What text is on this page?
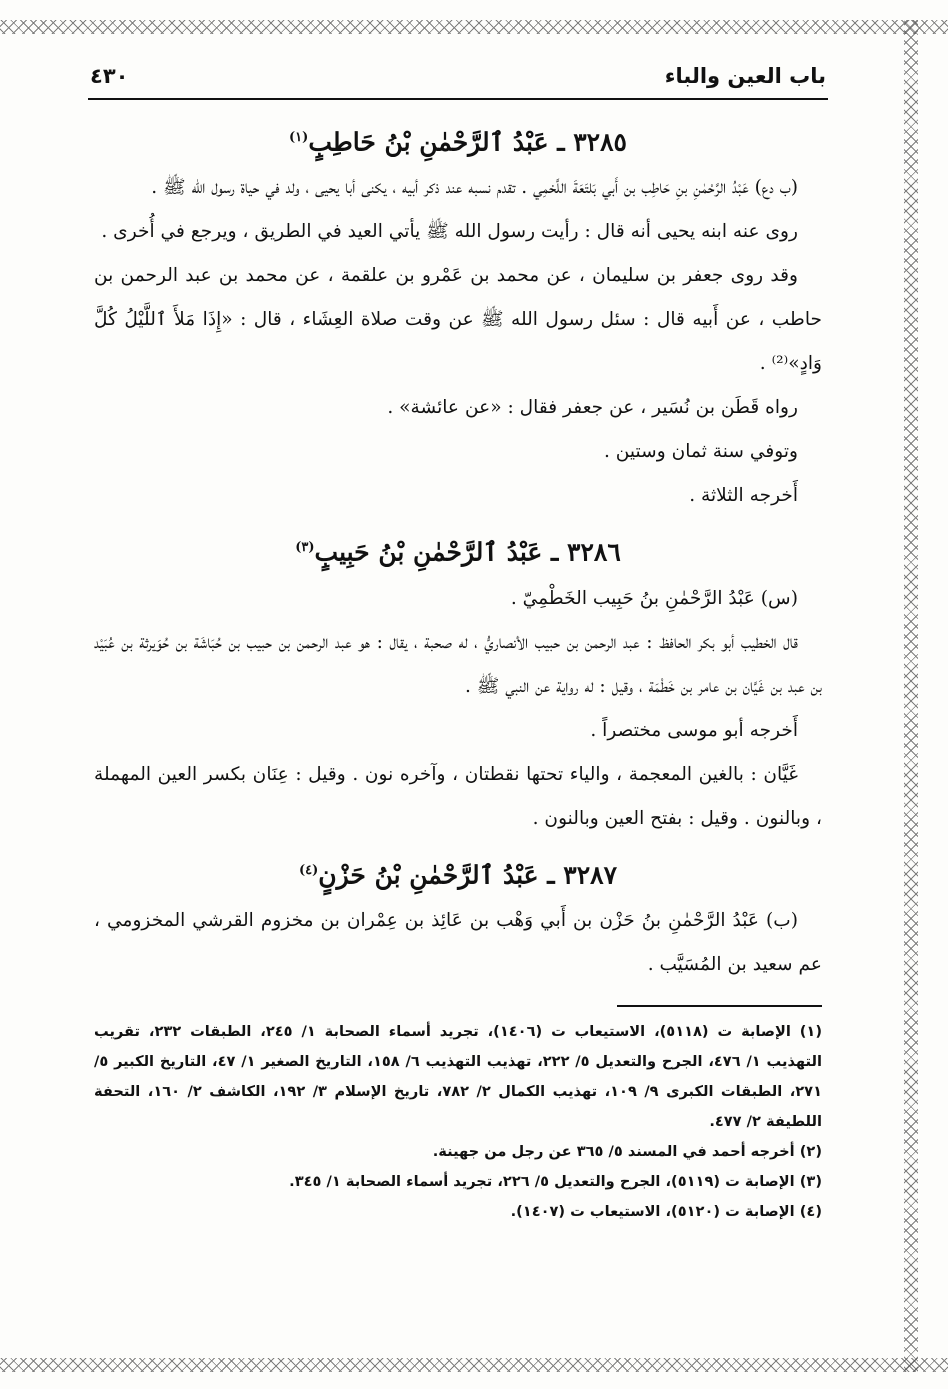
باب العين والباء
٤٣٠
٣٢٨٥ ـ عَبْدُ ٱلرَّحْمٰنِ بْنُ حَاطِبٍ$^{(١)}$

(ب دع) عَبْدُ الرَّحْمٰنِ بنِ حَاطِب بن أَبي بَلتَعَةَ اللَّخمِي . تقدم نسبه عند ذكر أبيه ، يكنى أبا يحيى ، ولد في حياة رسول الله ﷺ .

روى عنه ابنه يحيى أنه قال : رأيت رسول الله ﷺ يأتي العيد في الطريق ، ويرجع في أُخرى .

وقد روى جعفر بن سليمان ، عن محمد بن عَمْرو بن علقمة ، عن محمد بن عبد الرحمن بن حاطب ، عن أَبيه قال : سئل رسول الله ﷺ عن وقت صلاة العِشَاء ، قال : «إِذَا مَلأَ ٱللَّيْلُ كُلَّ وَادٍ»⁽²⁾ .

رواه قَطَن بن نُسَير ، عن جعفر فقال : «عن عائشة» .

وتوفي سنة ثمان وستين .

أَخرجه الثلاثة .

٣٢٨٦ ـ عَبْدُ ٱلرَّحْمٰنِ بْنُ حَبِيبٍ$^{(٣)}$

(س) عَبْدُ الرَّحْمٰنِ بنُ حَبِيب الخَطْمِيّ .

قال الخطيب أبو بكر الحافظ : عبد الرحمن بن حبيب الأنصاريُّ ، له صحبة ، يقال : هو عبد الرحمن بن حبيب بن حُبَاشَة بن حُوَيرثة بن عُبَيْد بن عبد بن غَيَّان بن عامر بن خَطْمَة ، وقيل : له رواية عن النبي ﷺ .

أَخرجه أبو موسى مختصراً .

غَيَّان : بالغين المعجمة ، والياء تحتها نقطتان ، وآخره نون . وقيل : عِنَان بكسر العين المهملة ، وبالنون . وقيل : بفتح العين وبالنون .

٣٢٨٧ ـ عَبْدُ ٱلرَّحْمٰنِ بْنُ حَزْنٍ$^{(٤)}$

(ب) عَبْدُ الرَّحْمٰنِ بنُ حَزْن بن أَبي وَهْب بن عَائِذ بن عِمْران بن مخزوم القرشي المخزومي ، عم سعيد بن المُسَيَّب .

(١) الإصابة ت (٥١١٨)، الاستيعاب ت (١٤٠٦)، تجريد أسماء الصحابة ١/ ٢٤٥، الطبقات ٢٣٢، تقريب التهذيب ١/ ٤٧٦، الجرح والتعديل ٥/ ٢٢٢، تهذيب التهذيب ٦/ ١٥٨، التاريخ الصغير ١/ ٤٧، التاريخ الكبير ٥/ ٢٧١، الطبقات الكبرى ٩/ ١٠٩، تهذيب الكمال ٢/ ٧٨٢، تاريخ الإسلام ٣/ ١٩٢، الكاشف ٢/ ١٦٠، التحفة اللطيفة ٢/ ٤٧٧.
(٢) أخرجه أحمد في المسند ٥/ ٣٦٥ عن رجل من جهينة.
(٣) الإصابة ت (٥١١٩)، الجرح والتعديل ٥/ ٢٢٦، تجريد أسماء الصحابة ١/ ٣٤٥.
(٤) الإصابة ت (٥١٢٠)، الاستيعاب ت (١٤٠٧).
